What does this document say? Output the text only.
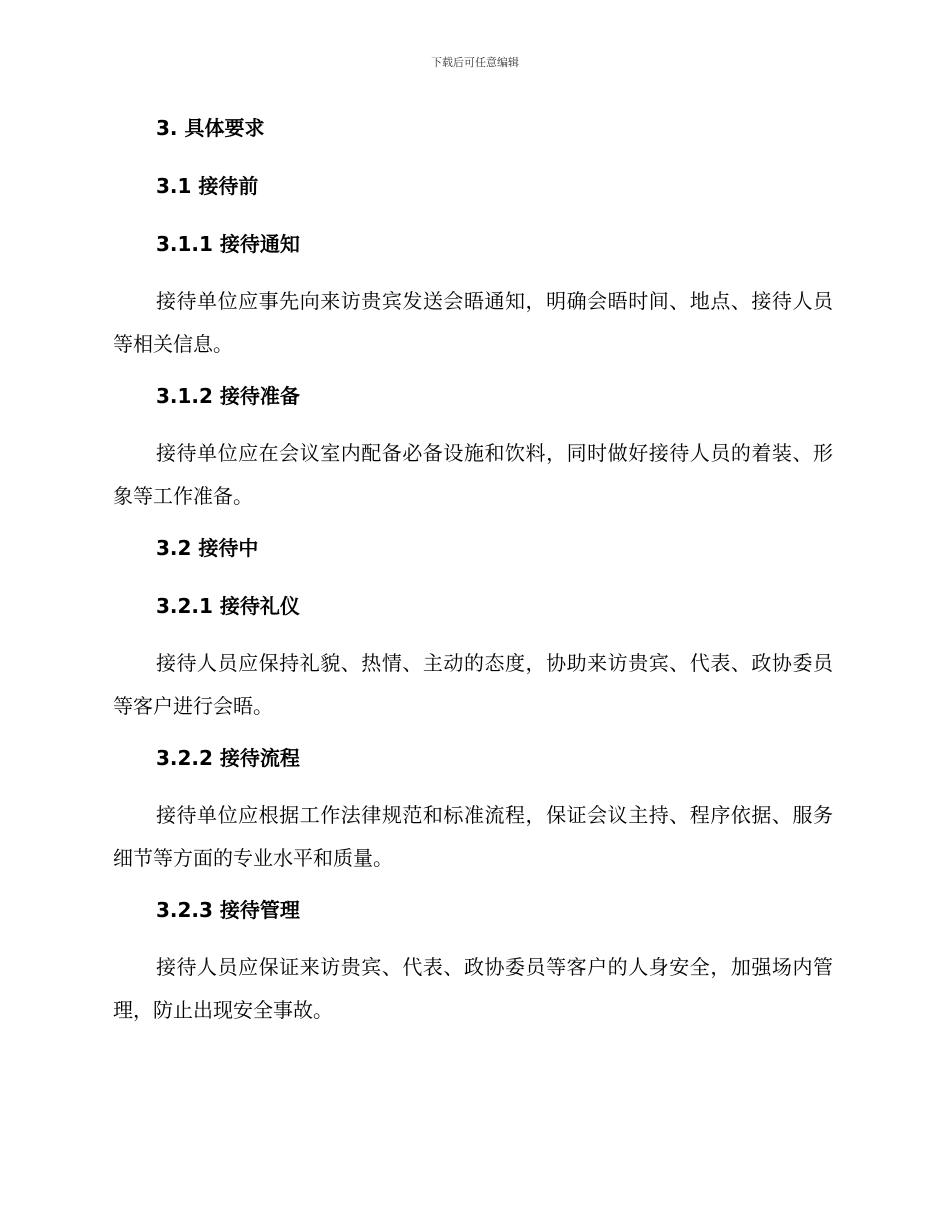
下载后可任意编辑
3. 具体要求
3.1 接待前
3.1.1 接待通知
接待单位应事先向来访贵宾发送会晤通知，明确会晤时间、地点、接待人员等相关信息。
3.1.2 接待准备
接待单位应在会议室内配备必备设施和饮料，同时做好接待人员的着装、形象等工作准备。
3.2 接待中
3.2.1 接待礼仪
接待人员应保持礼貌、热情、主动的态度，协助来访贵宾、代表、政协委员等客户进行会晤。
3.2.2 接待流程
接待单位应根据工作法律规范和标准流程，保证会议主持、程序依据、服务细节等方面的专业水平和质量。
3.2.3 接待管理
接待人员应保证来访贵宾、代表、政协委员等客户的人身安全，加强场内管理，防止出现安全事故。
